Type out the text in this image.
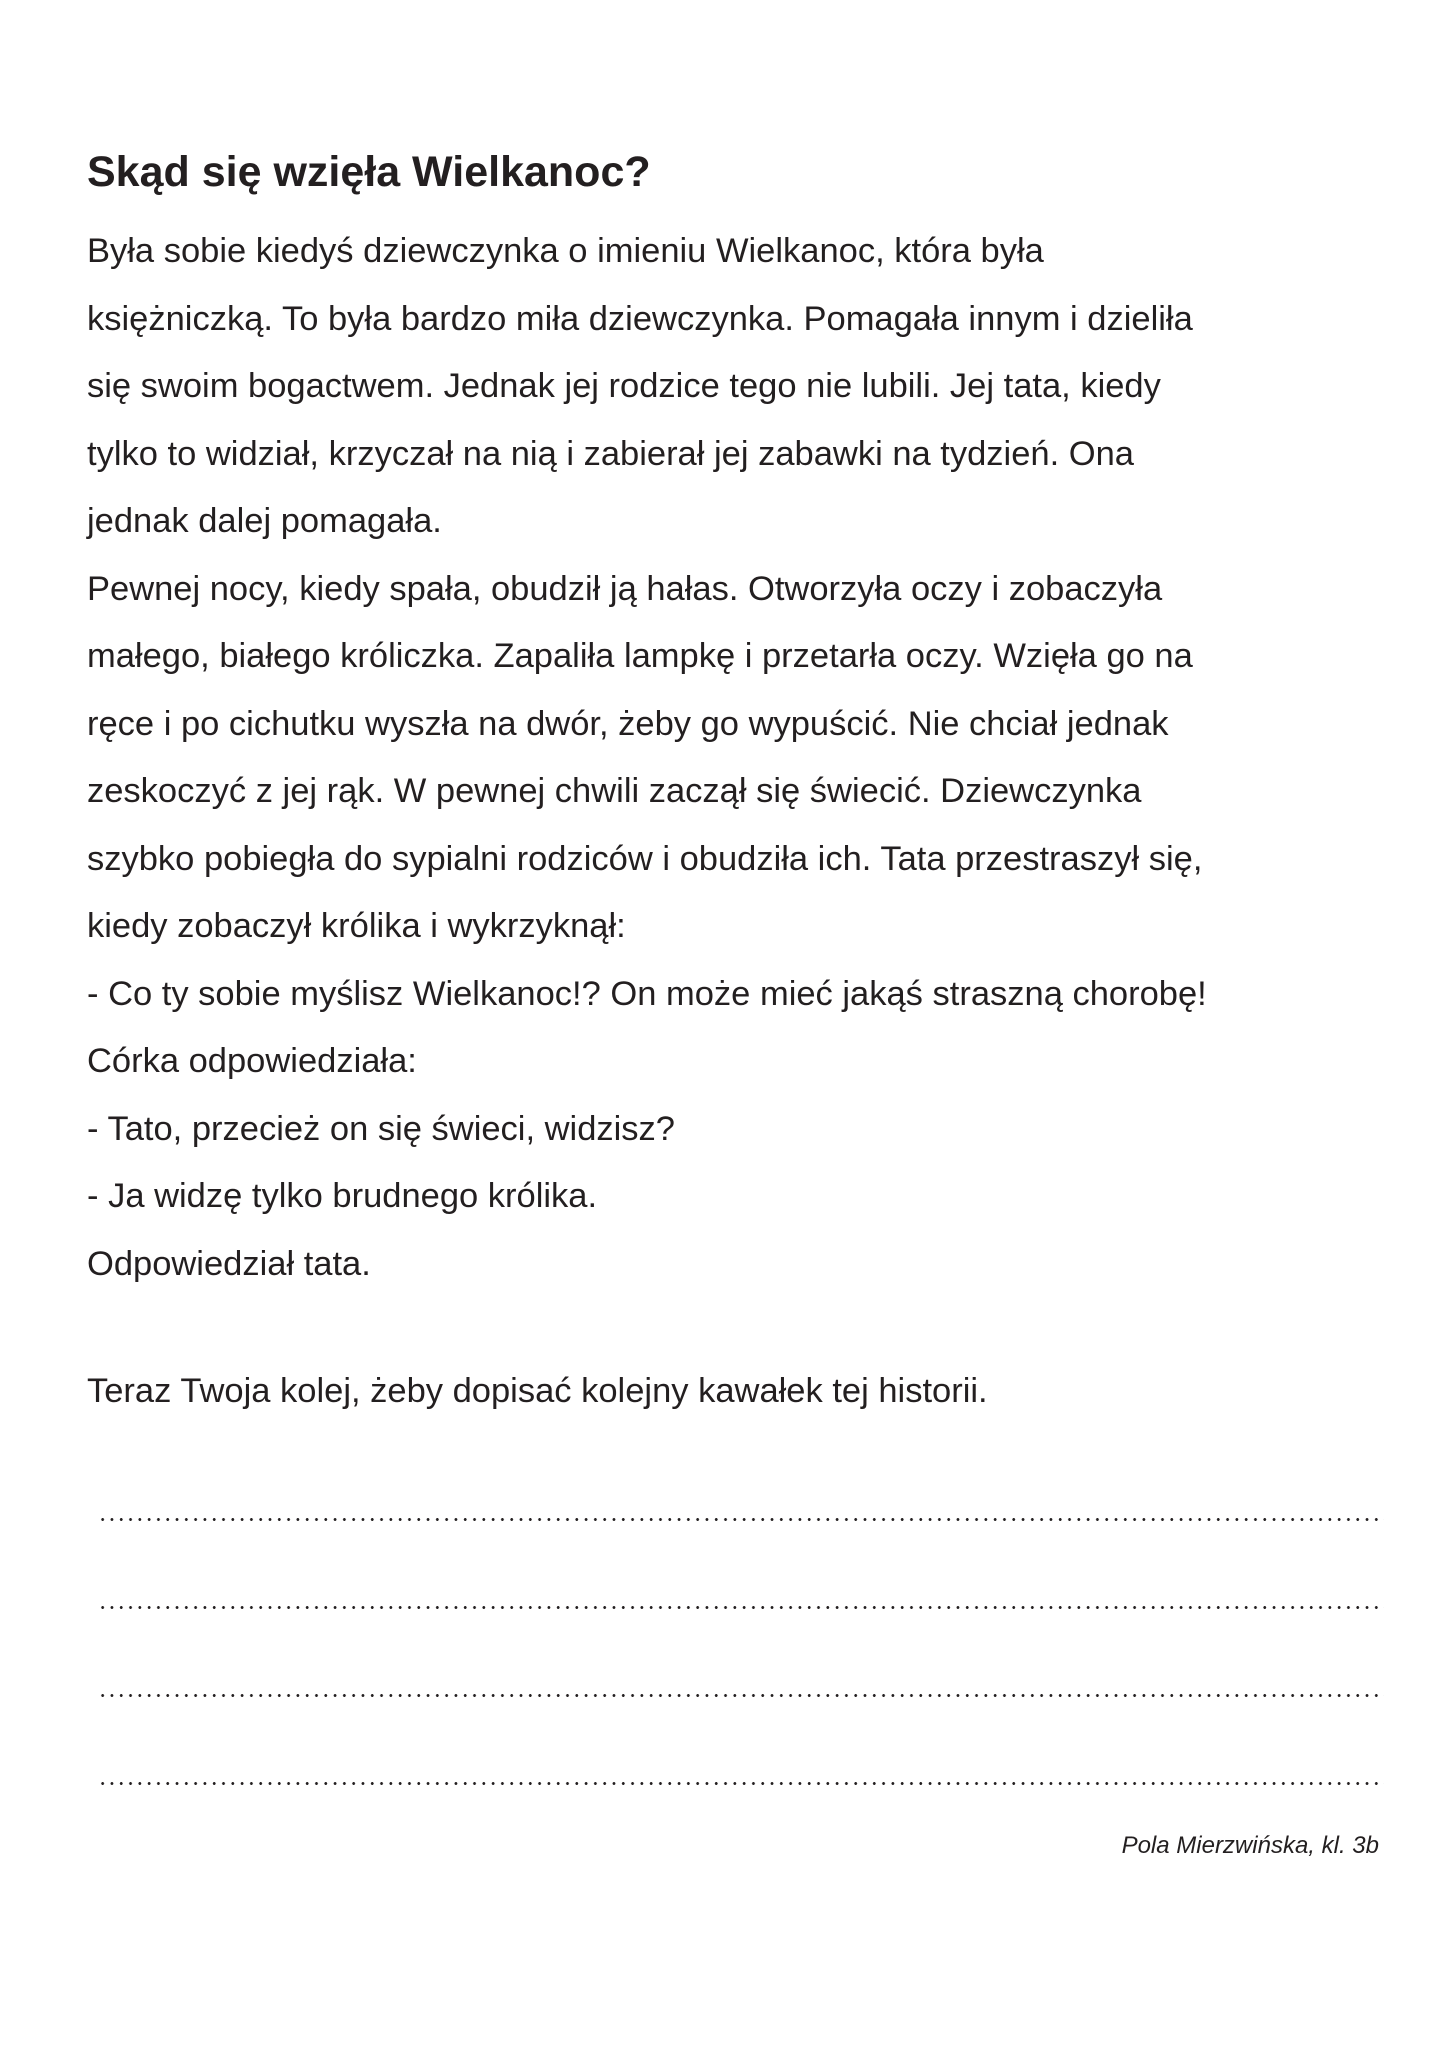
Skąd się wzięła Wielkanoc?
Była sobie kiedyś dziewczynka o imieniu Wielkanoc, która była
księżniczką. To była bardzo miła dziewczynka. Pomagała innym i dzieliła
się swoim bogactwem. Jednak jej rodzice tego nie lubili. Jej tata, kiedy
tylko to widział, krzyczał na nią i zabierał jej zabawki na tydzień. Ona
jednak dalej pomagała.
Pewnej nocy, kiedy spała, obudził ją hałas. Otworzyła oczy i zobaczyła
małego, białego króliczka. Zapaliła lampkę i przetarła oczy. Wzięła go na
ręce i po cichutku wyszła na dwór, żeby go wypuścić. Nie chciał jednak
zeskoczyć z jej rąk. W pewnej chwili zaczął się świecić. Dziewczynka
szybko pobiegła do sypialni rodziców i obudziła ich. Tata przestraszył się,
kiedy zobaczył królika i wykrzyknął:
- Co ty sobie myślisz Wielkanoc!? On może mieć jakąś straszną chorobę!
Córka odpowiedziała:
- Tato, przecież on się świeci, widzisz?
- Ja widzę tylko brudnego królika.
Odpowiedział tata.

Teraz Twoja kolej, żeby dopisać kolejny kawałek tej historii.

Pola Mierzwińska, kl. 3b
